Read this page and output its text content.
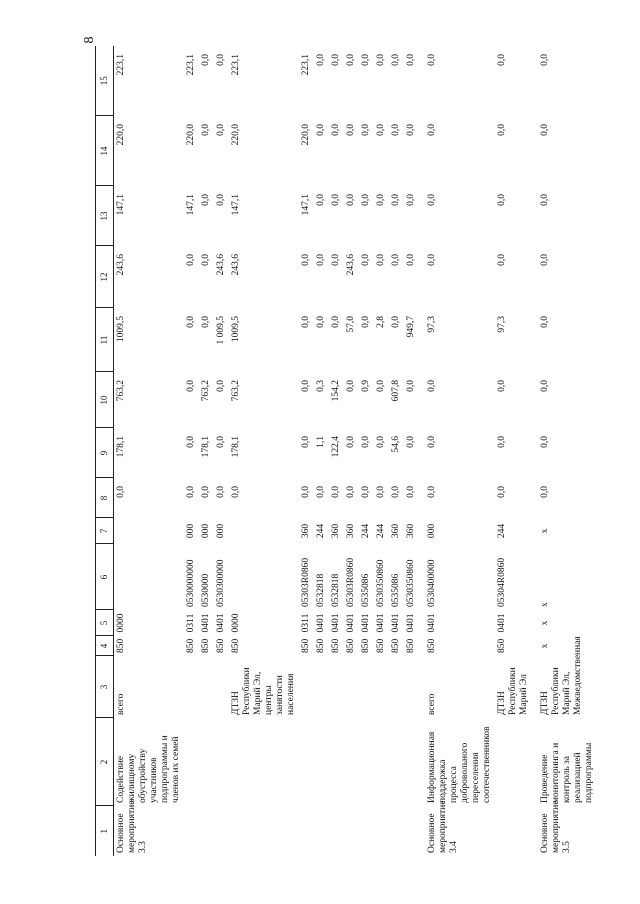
8
1	2	3	4	5	6	7	8	9	10	11	12	13	14	15
Основное мероприятие 3.3	Содействие жилищному обустройству участников подпрограммы и членов их семей	всего	850	0000			0,0	178,1	763,2	1009,5	243,6	147,1	220,0	223,1
			850	0311	0530000000	000	0,0	0,0	0,0	0,0	0,0	147,1	220,0	223,1
			850	0401	0530000	000	0,0	178,1	763,2	0,0	0,0	0,0	0,0	0,0
			850	0401	0530300000	000	0,0	0,0	0,0	1 009,5	243,6	0,0	0,0	0,0
		ДТЗН Республики Марий Эл, центры занятости населения	850	0000			0,0	178,1	763,2	1009,5	243,6	147,1	220,0	223,1
			850	0311	05303R0860	360	0,0	0,0	0,0	0,0	0,0	147,1	220,0	223,1
			850	0401	0532818	244	0,0	1,1	0,3	0,0	0,0	0,0	0,0	0,0
			850	0401	0532818	360	0,0	122,4	154,2	0,0	0,0	0,0	0,0	0,0
			850	0401	05303R0860	360	0,0	0,0	0,0	57,0	243,6	0,0	0,0	0,0
			850	0401	0535086	244	0,0	0,0	0,9	0,0	0,0	0,0	0,0	0,0
			850	0401	0530350860	244	0,0	0,0	0,0	2,8	0,0	0,0	0,0	0,0
			850	0401	0535086	360	0,0	54,6	607,8	0,0	0,0	0,0	0,0	0,0
			850	0401	0530350860	360	0,0	0,0	0,0	949,7	0,0	0,0	0,0	0,0
Основное мероприятие 3.4	Информационная поддержка процесса добровольного переселения соотечественников	всего	850	0401	0530400000	000	0,0	0,0	0,0	97,3	0,0	0,0	0,0	0,0
		ДТЗН Республики Марий Эл	850	0401	05304R0860	244	0,0	0,0	0,0	97,3	0,0	0,0	0,0	0,0
Основное мероприятие 3.5	Проведение мониторинга и контроль за реализацией подпрограммы	ДТЗН Республики Марий Эл, Межведомственная	x	x	x	x	0,0	0,0	0,0	0,0	0,0	0,0	0,0	0,0
